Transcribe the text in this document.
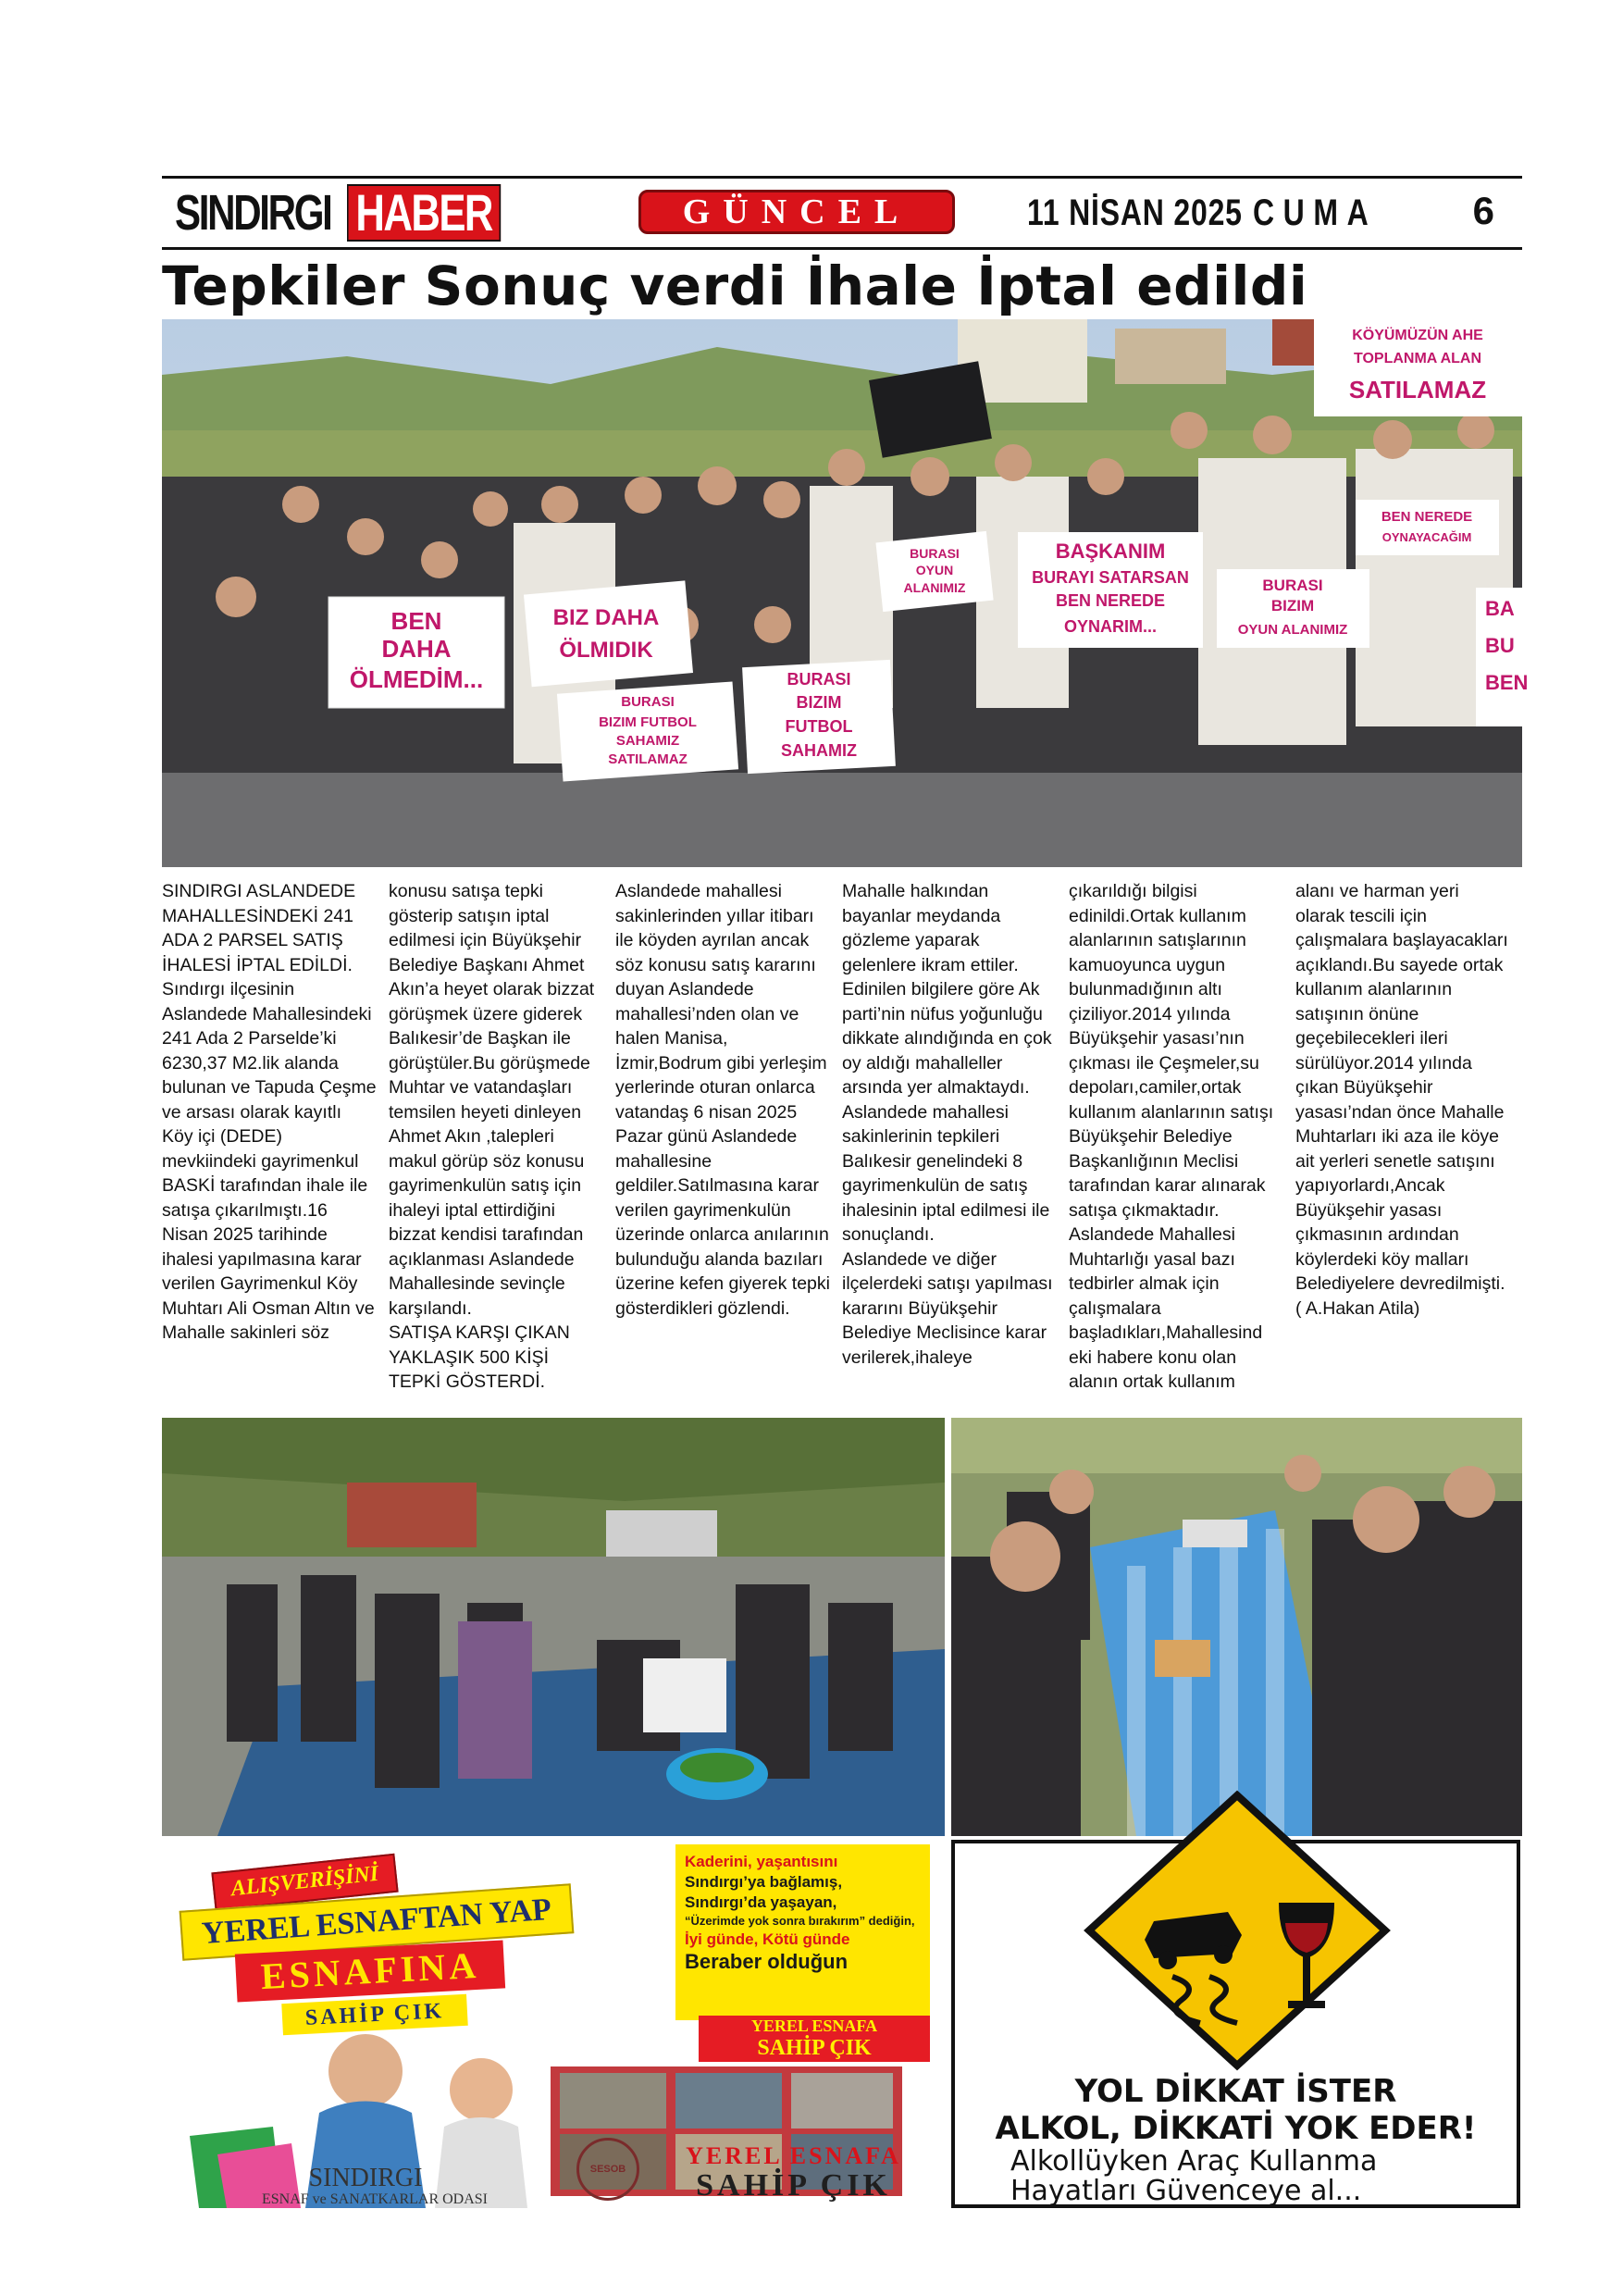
SINDIRGI HABER	GÜNCEL	11 NİSAN 2025 CUMA 6
Tepkiler Sonuç verdi İhale İptal edildi
BEN
DAHA
ÖLMEDİM...
BIZ DAHA
ÖLMIDIK
BURASI
BIZIM FUTBOL
SAHAMIZ
SATILAMAZ
BURASI
BIZIM
FUTBOL
SAHAMIZ
BURASI
OYUN
ALANIMIZ
BAŞKANIM
BURAYI SATARSAN
BEN NEREDE
OYNARIM...
BURASI
BIZIM
OYUN ALANIMIZ
BEN NEREDE
OYNAYACAĞIM
KÖYÜMÜZÜN AHE
TOPLANMA ALAN
SATILAMAZ
BA
BU
BEN
SINDIRGI ASLANDEDE MAHALLESİNDEKİ 241 ADA 2 PARSEL SATIŞ İHALESİ İPTAL EDİLDİ.
Sındırgı ilçesinin Aslandede Mahallesindeki 241 Ada 2 Parselde’ki 6230,37 M2.lik alanda bulunan ve Tapuda Çeşme ve arsası olarak kayıtlı Köy içi (DEDE) mevkiindeki gayrimenkul BASKİ tarafından ihale ile satışa çıkarılmıştı.16 Nisan 2025 tarihinde ihalesi yapılmasına karar verilen Gayrimenkul Köy Muhtarı Ali Osman Altın ve Mahalle sakinleri söz
konusu satışa tepki gösterip satışın iptal edilmesi için Büyükşehir Belediye Başkanı Ahmet Akın’a heyet olarak bizzat görüşmek üzere giderek Balıkesir’de Başkan ile görüştüler.Bu görüşmede Muhtar ve vatandaşları temsilen heyeti dinleyen Ahmet Akın ,talepleri makul görüp söz konusu gayrimenkulün satış için ihaleyi iptal ettirdiğini bizzat kendisi tarafından açıklanması Aslandede Mahallesinde sevinçle karşılandı.
SATIŞA KARŞI ÇIKAN YAKLAŞIK 500 KİŞİ TEPKİ GÖSTERDİ.
Aslandede mahallesi sakinlerinden yıllar itibarı ile köyden ayrılan ancak söz konusu satış kararını duyan Aslandede mahallesi’nden olan ve halen Manisa, İzmir,Bodrum gibi yerleşim yerlerinde oturan onlarca vatandaş 6 nisan 2025 Pazar günü Aslandede mahallesine geldiler.Satılmasına karar verilen gayrimenkulün üzerinde onlarca anılarının bulunduğu alanda bazıları üzerine kefen giyerek tepki gösterdikleri gözlendi.
Mahalle halkından bayanlar meydanda gözleme yaparak gelenlere ikram ettiler.
Edinilen bilgilere göre Ak parti’nin nüfus yoğunluğu dikkate alındığında en çok oy aldığı mahalleller arsında yer almaktaydı.
Aslandede mahallesi sakinlerinin tepkileri Balıkesir genelindeki 8 gayrimenkulün de satış ihalesinin iptal edilmesi ile sonuçlandı.
Aslandede ve diğer ilçelerdeki satışı yapılması kararını Büyükşehir Belediye Meclisince karar verilerek,ihaleye
çıkarıldığı bilgisi edinildi.Ortak kullanım alanlarının satışlarının kamuoyunca uygun bulunmadığının altı çiziliyor.2014 yılında Büyükşehir yasası’nın çıkması ile Çeşmeler,su depoları,camiler,ortak kullanım alanlarının satışı Büyükşehir Belediye Başkanlığının Meclisi tarafından karar alınarak satışa çıkmaktadır.
Aslandede Mahallesi Muhtarlığı yasal bazı tedbirler almak için çalışmalara başladıkları,Mahallesind eki habere konu olan alanın ortak kullanım
alanı ve harman yeri olarak tescili için çalışmalara başlayacakları açıklandı.Bu sayede ortak kullanım alanlarının satışının önüne geçebilecekleri ileri sürülüyor.2014 yılında çıkan Büyükşehir yasası’ndan önce Mahalle Muhtarları iki aza ile köye ait yerleri senetle satışını yapıyorlardı,Ancak Büyükşehir yasası çıkmasının ardından köylerdeki köy malları Belediyelere devredilmişti.
( A.Hakan Atila)
ALIŞVERİŞİNİ
YEREL ESNAFTAN YAP
ESNAFINA
SAHİP ÇIK
Kaderini, yaşantısını
Sındırgı’ya bağlamış,
Sındırgı’da yaşayan,
“Üzerimde yok sonra bırakırım” dediğin,
İyi günde, Kötü günde
Beraber olduğun
YEREL ESNAFA
SAHİP ÇIK
SINDIRGI
ESNAF ve SANATKARLAR ODASI
SESOB	YEREL ESNAFA
SAHİP ÇIK
YOL DİKKAT İSTER
ALKOL, DİKKATİ YOK EDER!
Alkollüyken Araç Kullanma
Hayatları Güvenceye al...
